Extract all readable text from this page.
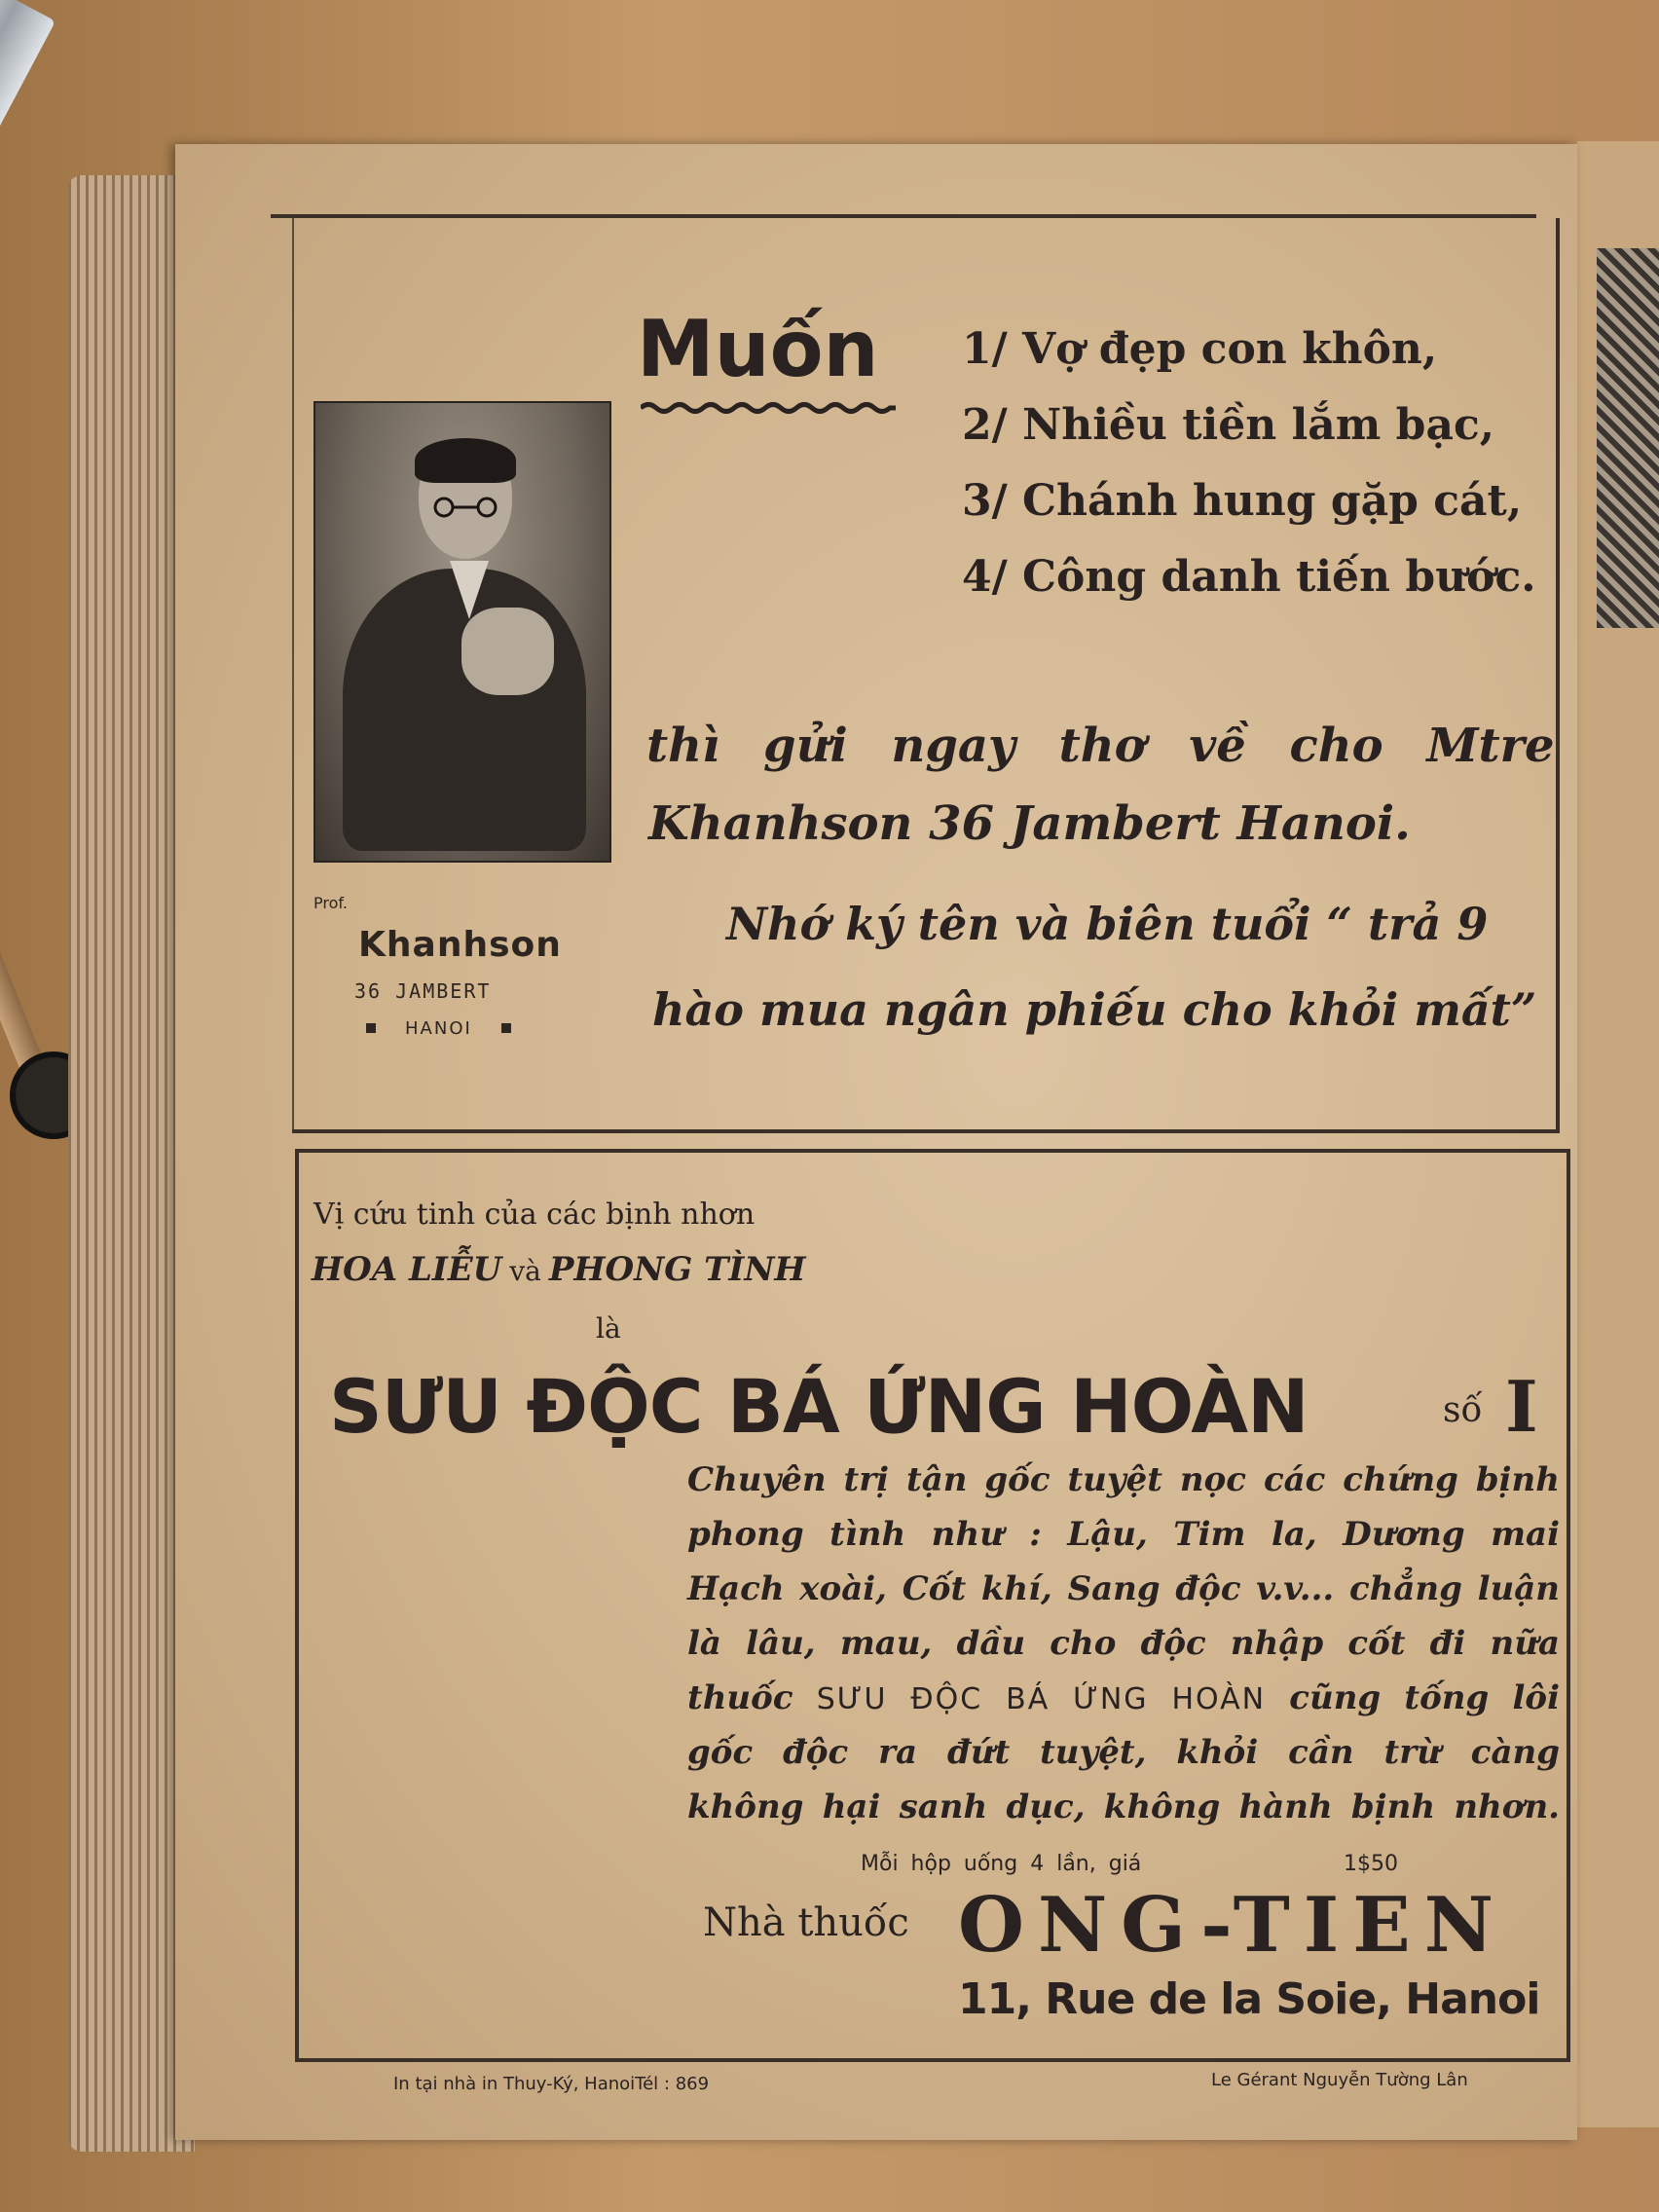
Prof.
Khanhson
36 JAMBERT
HANOI
Muốn 1/ Vợ đẹp con khôn,
2/ Nhiều tiền lắm bạc,
3/ Chánh hung gặp cát,
4/ Công danh tiến bước.
thì gửi ngay thơ về cho Mtre
Khanhson 36 Jambert Hanoi.
Nhớ ký tên và biên tuổi “ trả 9
hào mua ngân phiếu cho khỏi mất”
Vị cứu tinh của các bịnh nhơn
HOA LIỄU và PHONG TÌNH
là
SƯU ĐỘC BÁ ỨNG HOÀN	số I
Chuyên trị tận gốc tuyệt nọc các chứng bịnh
phong tình như : Lậu, Tim la, Dương mai
Hạch xoài, Cốt khí, Sang độc v.v... chẳng luận
là lâu, mau, dầu cho độc nhập cốt đi nữa
thuốc SƯU ĐỘC BÁ ỨNG HOÀN cũng tống lôi
gốc độc ra đứt tuyệt, khỏi cần trừ càng
không hại sanh dục, không hành bịnh nhơn.
Mỗi hộp uống 4 lần, giá	1$50
Nhà thuốc ONG-TIEN
11, Rue de la Soie, Hanoi
In tại nhà in Thuy-Ký, HanoiTél : 869	Le Gérant Nguyễn Tường Lân
